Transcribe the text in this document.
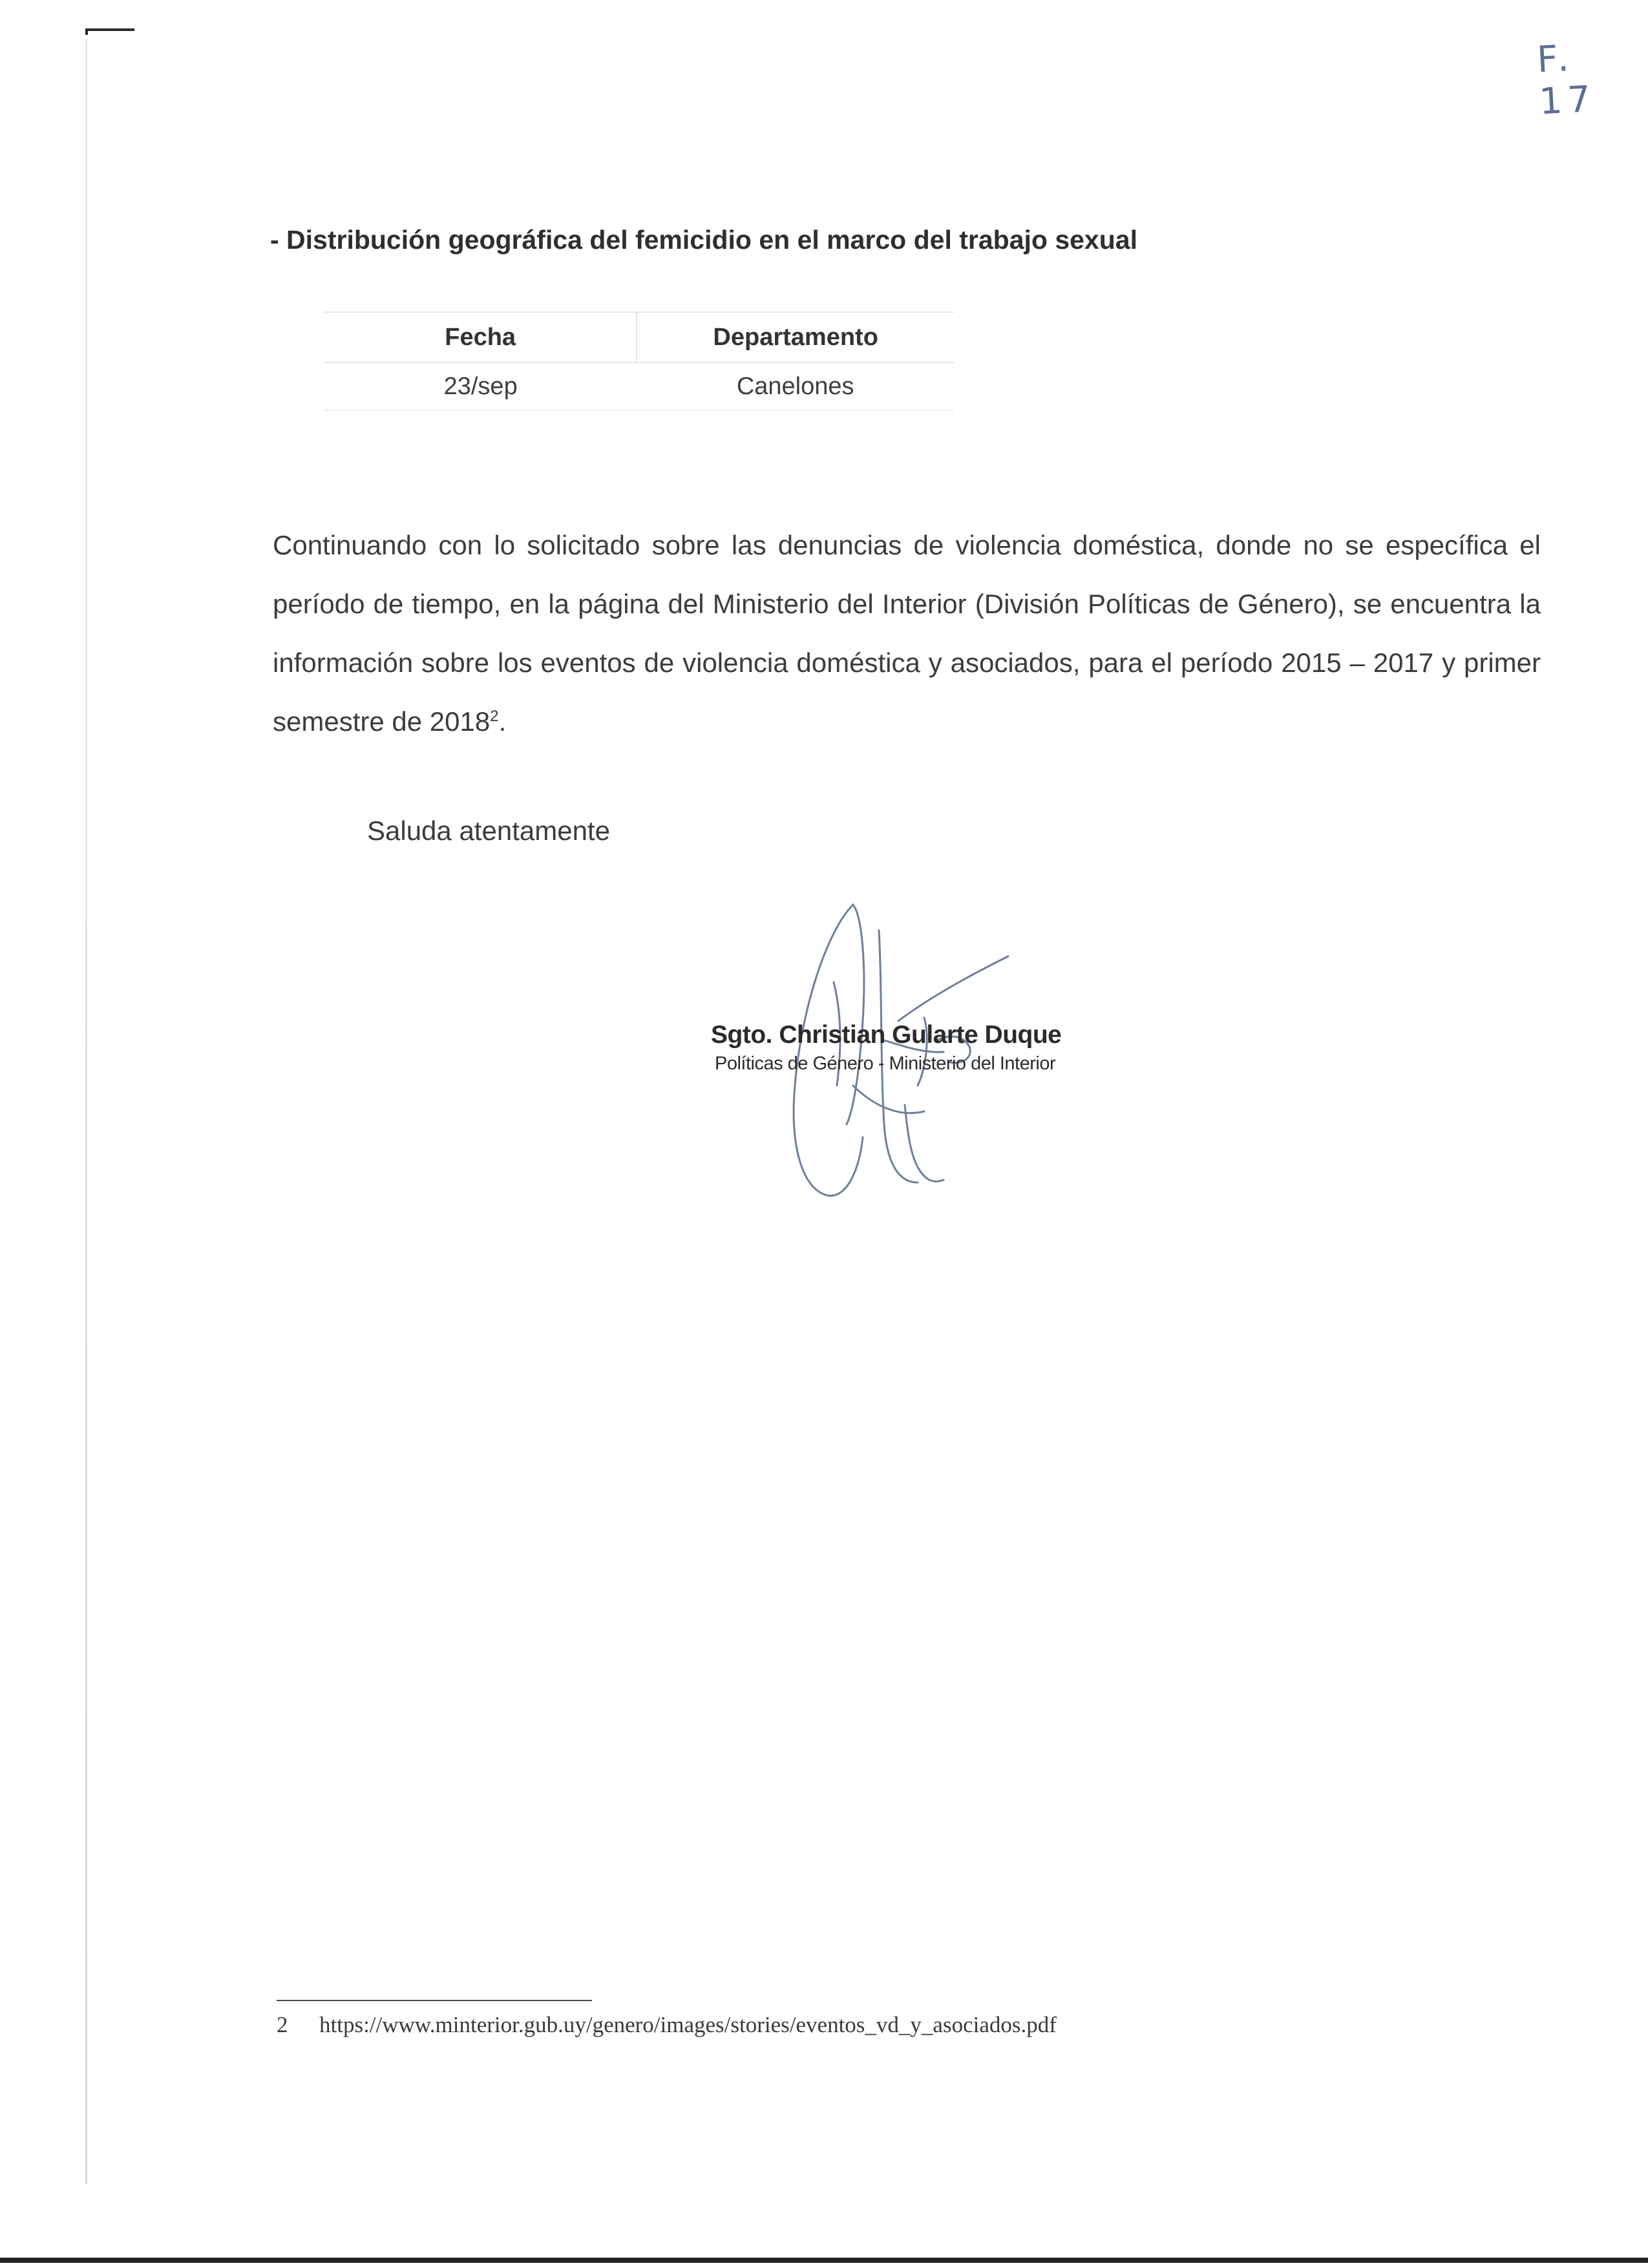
F. 17
- Distribución geográfica del femicidio en el marco del trabajo sexual
Fecha	Departamento
23/sep	Canelones

Continuando con lo solicitado sobre las denuncias de violencia doméstica, donde no se específica el período de tiempo, en la página del Ministerio del Interior (División Políticas de Género), se encuentra la información sobre los eventos de violencia doméstica y asociados, para el período 2015 – 2017 y primer semestre de 2018$^2$.

Saluda atentamente
Sgto. Christian Gularte Duque
Políticas de Género - Ministerio del Interior
2 https://www.minterior.gub.uy/genero/images/stories/eventos_vd_y_asociados.pdf
